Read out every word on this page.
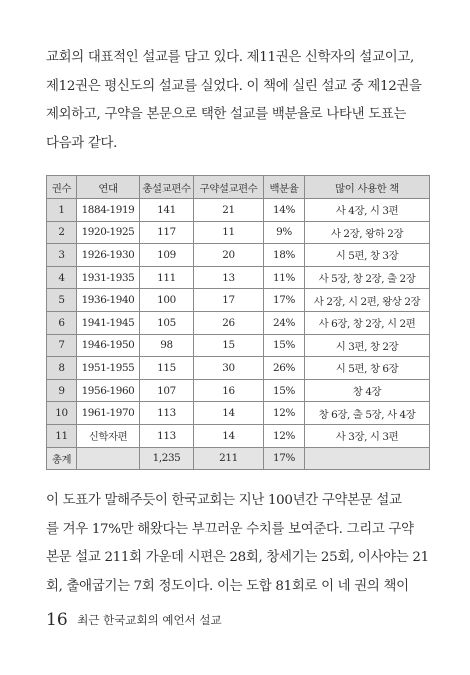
교회의 대표적인 설교를 담고 있다. 제11권은 신학자의 설교이고,
제12권은 평신도의 설교를 실었다. 이 책에 실린 설교 중 제12권을
제외하고, 구약을 본문으로 택한 설교를 백분율로 나타낸 도표는
다음과 같다.

권수	연대	총설교편수	구약설교편수	백분율	많이 사용한 책
1	1884-1919	141	21	14%	사 4장, 시 3편
2	1920-1925	117	11	9%	사 2장, 왕하 2장
3	1926-1930	109	20	18%	시 5편, 창 3장
4	1931-1935	111	13	11%	사 5장, 창 2장, 출 2장
5	1936-1940	100	17	17%	사 2장, 시 2편, 왕상 2장
6	1941-1945	105	26	24%	사 6장, 창 2장, 시 2편
7	1946-1950	98	15	15%	시 3편, 창 2장
8	1951-1955	115	30	26%	시 5편, 창 6장
9	1956-1960	107	16	15%	창 4장
10	1961-1970	113	14	12%	창 6장, 출 5장, 사 4장
11	신학자편	113	14	12%	사 3장, 시 3편
총계		1,235	211	17%	

이 도표가 말해주듯이 한국교회는 지난 100년간 구약본문 설교
를 겨우 17%만 해왔다는 부끄러운 수치를 보여준다. 그리고 구약
본문 설교 211회 가운데 시편은 28회, 창세기는 25회, 이사야는 21
회, 출애굽기는 7회 정도이다. 이는 도합 81회로 이 네 권의 책이

16 최근 한국교회의 예언서 설교
